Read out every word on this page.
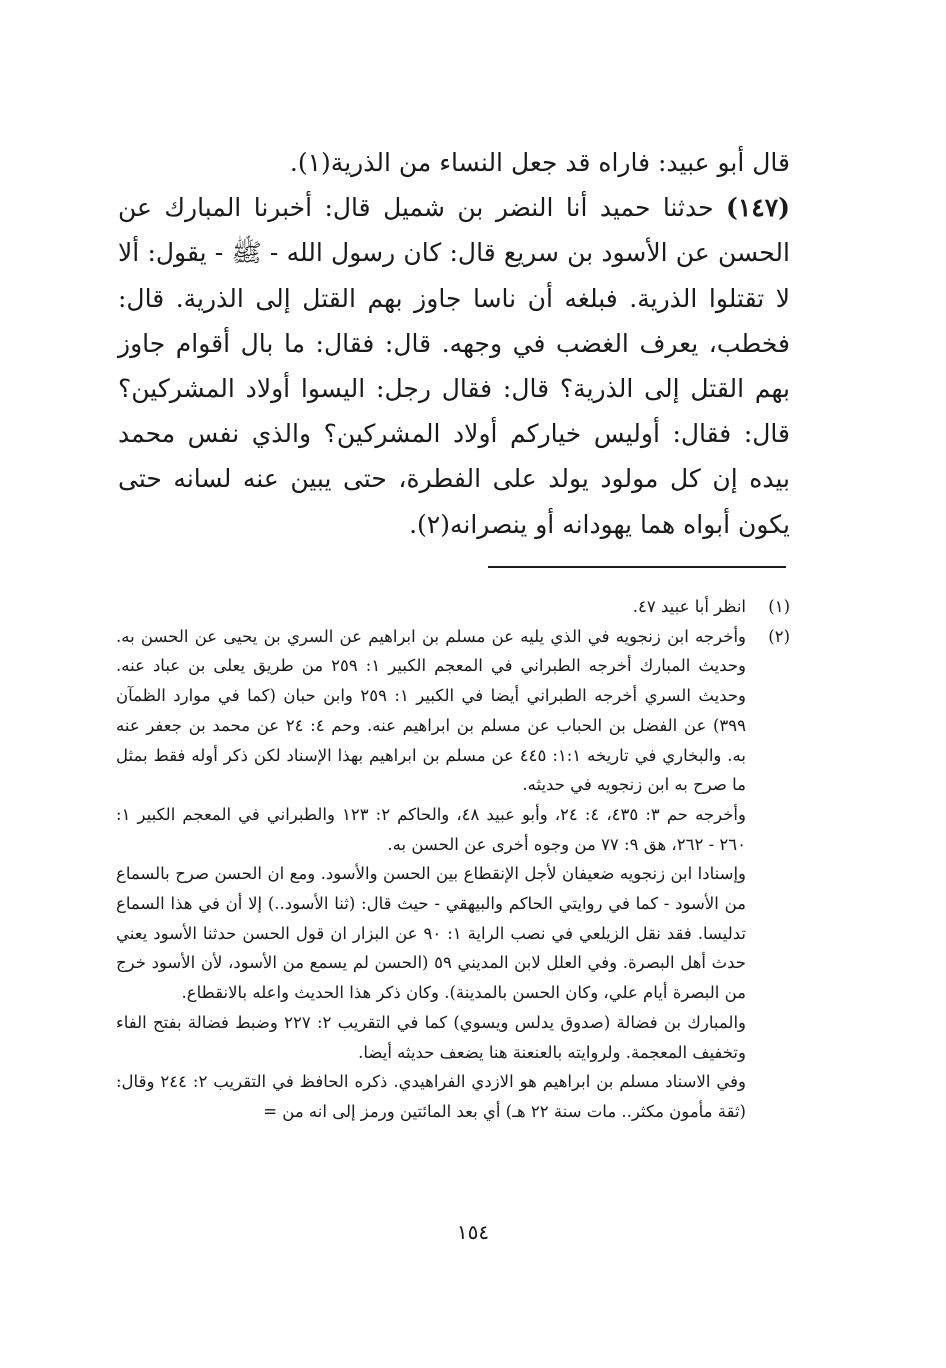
قال أبو عبيد: فاراه قد جعل النساء من الذرية(١).

(١٤٧) حدثنا حميد أنا النضر بن شميل قال: أخبرنا المبارك عن الحسن عن الأسود بن سريع قال: كان رسول الله - ﷺ - يقول: ألا لا تقتلوا الذرية. فبلغه أن ناسا جاوز بهم القتل إلى الذرية. قال: فخطب، يعرف الغضب في وجهه. قال: فقال: ما بال أقوام جاوز بهم القتل إلى الذرية؟ قال: فقال رجل: اليسوا أولاد المشركين؟ قال: فقال: أوليس خياركم أولاد المشركين؟ والذي نفس محمد بيده إن كل مولود يولد على الفطرة، حتى يبين عنه لسانه حتى يكون أبواه هما يهودانه أو ينصرانه(٢).

(١)

انظر أبا عبيد ٤٧.

(٢)

وأخرجه ابن زنجويه في الذي يليه عن مسلم بن ابراهيم عن السري بن يحيى عن الحسن به. وحديث المبارك أخرجه الطبراني في المعجم الكبير ١: ٢٥٩ من طريق يعلى بن عباد عنه. وحديث السري أخرجه الطبراني أيضا في الكبير ١: ٢٥٩ وابن حبان (كما في موارد الظمآن ٣٩٩) عن الفضل بن الحباب عن مسلم بن ابراهيم عنه. وحم ٤: ٢٤ عن محمد بن جعفر عنه به. والبخاري في تاريخه ١:١: ٤٤٥ عن مسلم بن ابراهيم بهذا الإسناد لكن ذكر أوله فقط بمثل ما صرح به ابن زنجويه في حديثه.

وأخرجه حم ٣: ٤٣٥، ٤: ٢٤، وأبو عبيد ٤٨، والحاكم ٢: ١٢٣ والطبراني في المعجم الكبير ١: ٢٦٠ - ٢٦٢، هق ٩: ٧٧ من وجوه أخرى عن الحسن به.

وإسنادا ابن زنجويه ضعيفان لأجل الإنقطاع بين الحسن والأسود. ومع ان الحسن صرح بالسماع من الأسود - كما في روايتي الحاكم والبيهقي - حيث قال: (ثنا الأسود..) إلا أن في هذا السماع تدليسا. فقد نقل الزيلعي في نصب الراية ١: ٩٠ عن البزار ان قول الحسن حدثنا الأسود يعني حدث أهل البصرة. وفي العلل لابن المديني ٥٩ (الحسن لم يسمع من الأسود، لأن الأسود خرج من البصرة أيام علي، وكان الحسن بالمدينة). وكان ذكر هذا الحديث واعله بالانقطاع.

والمبارك بن فضالة (صدوق يدلس ويسوي) كما في التقريب ٢: ٢٢٧ وضبط فضالة بفتح الفاء وتخفيف المعجمة. ولروايته بالعنعنة هنا يضعف حديثه أيضا.

وفي الاسناد مسلم بن ابراهيم هو الازدي الفراهيدي. ذكره الحافظ في التقريب ٢: ٢٤٤ وقال: (ثقة مأمون مكثر.. مات سنة ٢٢ هـ) أي بعد المائتين ورمز إلى انه من =

١٥٤
